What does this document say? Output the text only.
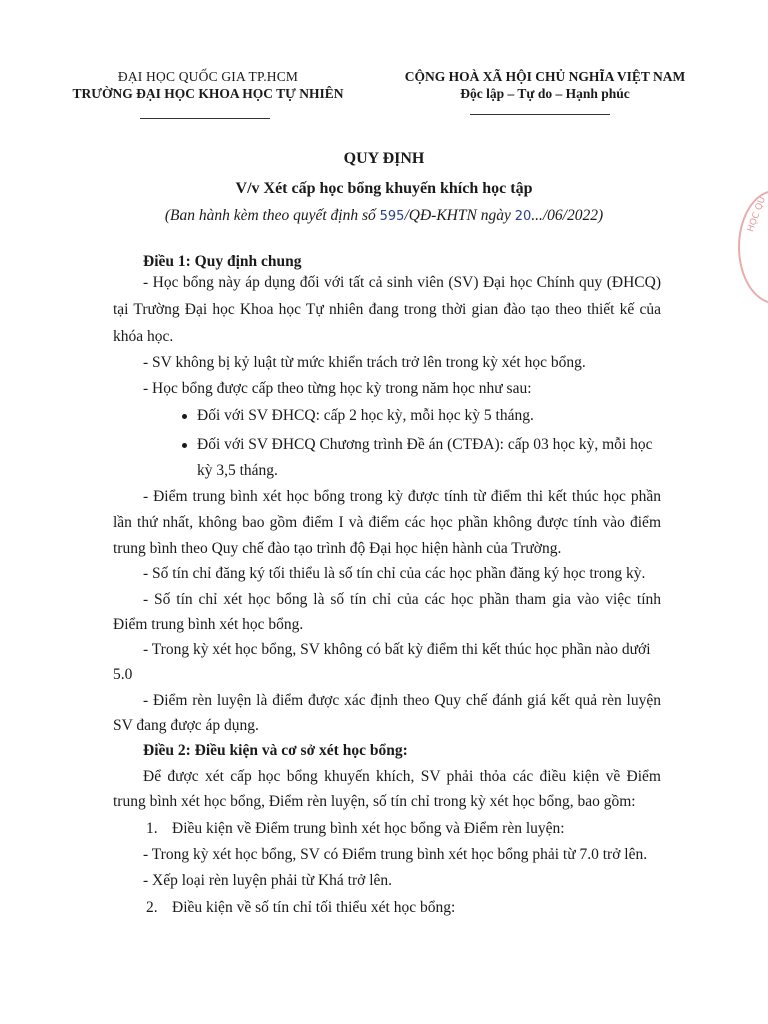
ĐẠI HỌC QUỐC GIA TP.HCM
TRƯỜNG ĐẠI HỌC KHOA HỌC TỰ NHIÊN
CỘNG HOÀ XÃ HỘI CHỦ NGHĨA VIỆT NAM
Độc lập – Tự do – Hạnh phúc
QUY ĐỊNH
V/v Xét cấp học bổng khuyến khích học tập
(Ban hành kèm theo quyết định số 595/QĐ-KHTN ngày 20.../06/2022)	HỌC QU
Điều 1: Quy định chung
- Học bổng này áp dụng đối với tất cả sinh viên (SV) Đại học Chính quy (ĐHCQ)
tại Trường Đại học Khoa học Tự nhiên đang trong thời gian đào tạo theo thiết kế của
khóa học.
- SV không bị kỷ luật từ mức khiển trách trở lên trong kỳ xét học bổng.
- Học bổng được cấp theo từng học kỳ trong năm học như sau:
Đối với SV ĐHCQ: cấp 2 học kỳ, mỗi học kỳ 5 tháng.
Đối với SV ĐHCQ Chương trình Đề án (CTĐA): cấp 03 học kỳ, mỗi học
kỳ 3,5 tháng.
- Điểm trung bình xét học bổng trong kỳ được tính từ điểm thi kết thúc học phần
lần thứ nhất, không bao gồm điểm I và điểm các học phần không được tính vào điểm
trung bình theo Quy chế đào tạo trình độ Đại học hiện hành của Trường.
- Số tín chỉ đăng ký tối thiểu là số tín chỉ của các học phần đăng ký học trong kỳ.
- Số tín chỉ xét học bổng là số tín chỉ của các học phần tham gia vào việc tính
Điểm trung bình xét học bổng.
- Trong kỳ xét học bổng, SV không có bất kỳ điểm thi kết thúc học phần nào dưới
5.0
- Điểm rèn luyện là điểm được xác định theo Quy chế đánh giá kết quả rèn luyện
SV đang được áp dụng.
Điều 2: Điều kiện và cơ sở xét học bổng:
Để được xét cấp học bổng khuyến khích, SV phải thỏa các điều kiện về Điểm
trung bình xét học bổng, Điểm rèn luyện, số tín chỉ trong kỳ xét học bổng, bao gồm:
1. Điều kiện về Điểm trung bình xét học bổng và Điểm rèn luyện:
- Trong kỳ xét học bổng, SV có Điểm trung bình xét học bổng phải từ 7.0 trở lên.
- Xếp loại rèn luyện phải từ Khá trở lên.
2. Điều kiện về số tín chỉ tối thiểu xét học bổng:
